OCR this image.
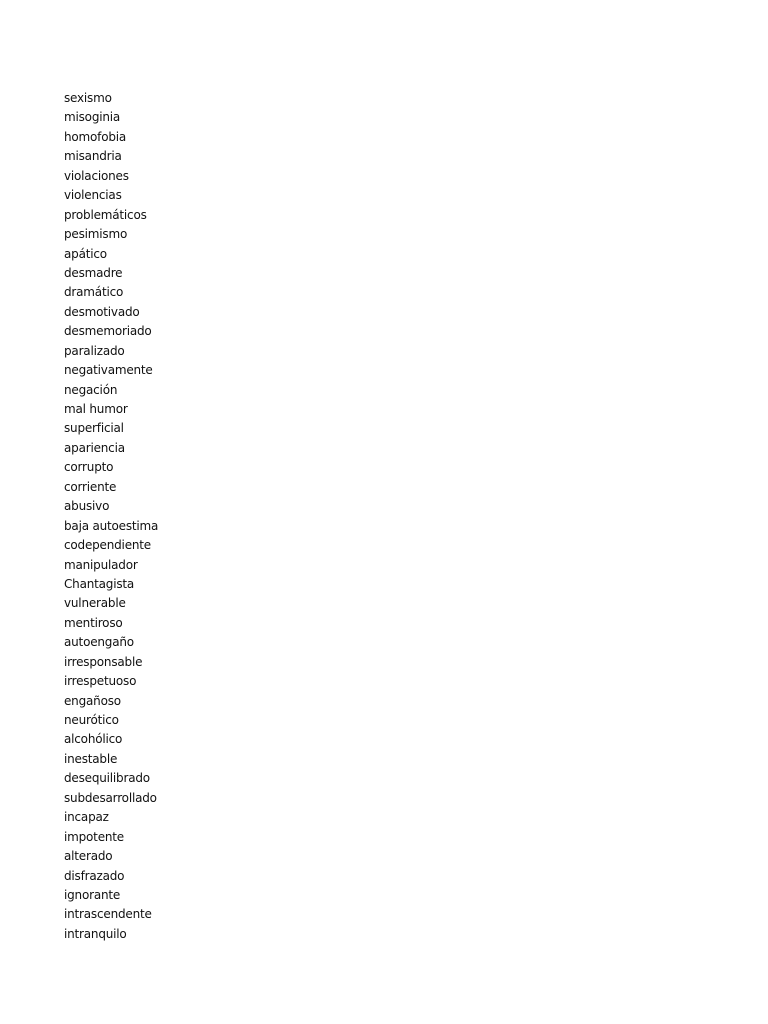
sexismo
misoginia
homofobia
misandria
violaciones
violencias
problemáticos
pesimismo
apático
desmadre
dramático
desmotivado
desmemoriado
paralizado
negativamente
negación
mal humor
superficial
apariencia
corrupto
corriente
abusivo
baja autoestima
codependiente
manipulador
Chantagista
vulnerable
mentiroso
autoengaño
irresponsable
irrespetuoso
engañoso
neurótico
alcohólico
inestable
desequilibrado
subdesarrollado
incapaz
impotente
alterado
disfrazado
ignorante
intrascendente
intranquilo
